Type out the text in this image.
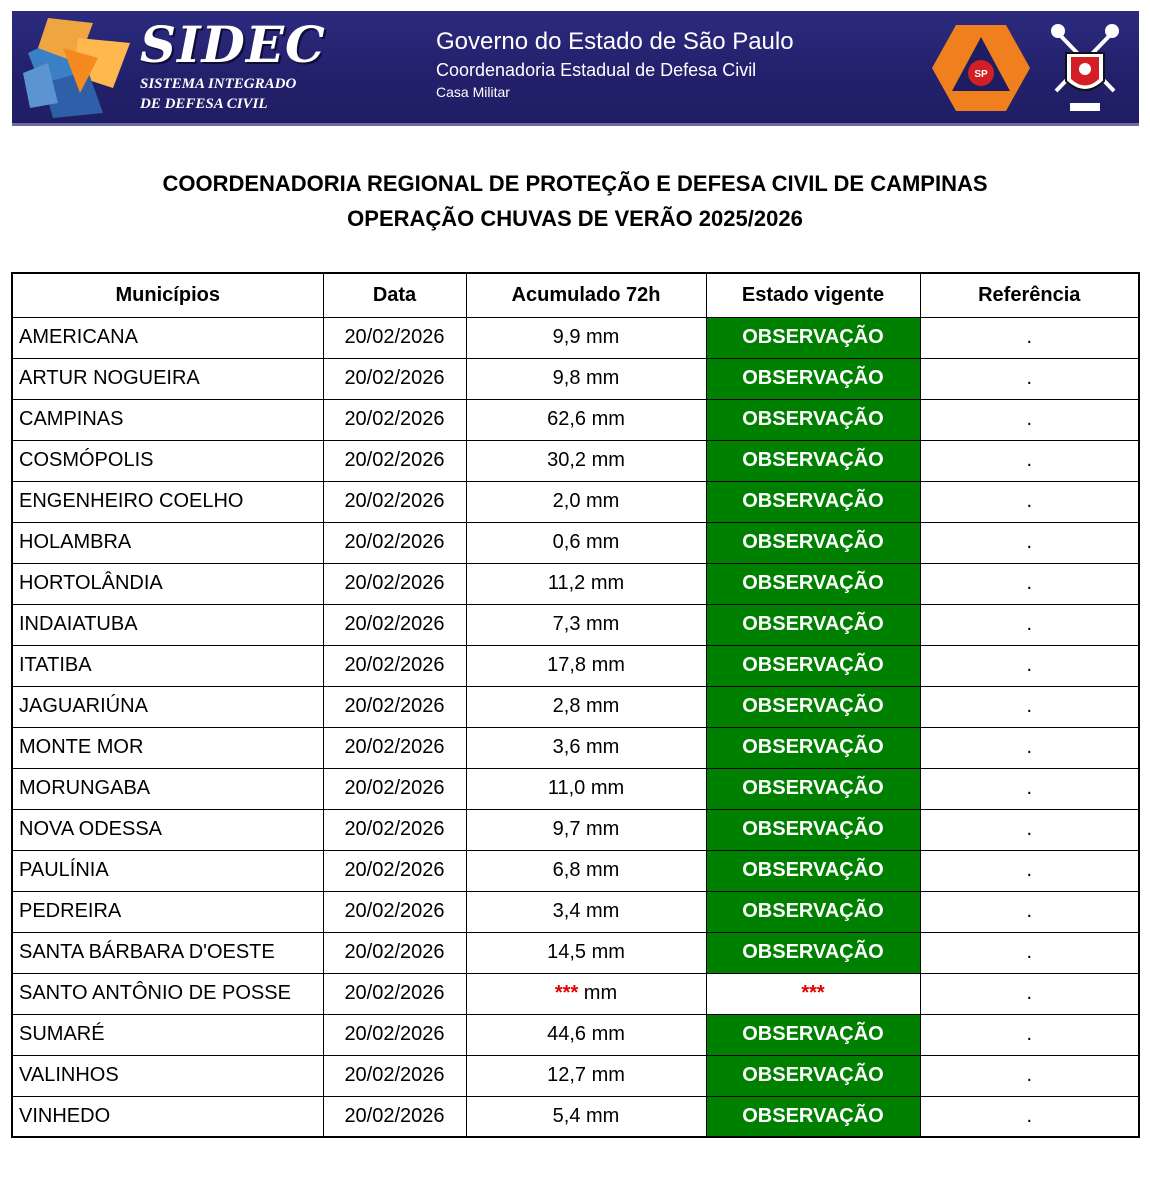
SIDEC

SISTEMA INTEGRADO

DE DEFESA CIVIL

Governo do Estado de São Paulo

Coordenadoria Estadual de Defesa Civil

Casa Militar

SP

COORDENADORIA REGIONAL DE PROTEÇÃO E DEFESA CIVIL DE CAMPINAS

OPERAÇÃO CHUVAS DE VERÃO 2025/2026

Municípios	Data	Acumulado 72h	Estado vigente	Referência
AMERICANA	20/02/2026	9,9 mm	OBSERVAÇÃO	.
ARTUR NOGUEIRA	20/02/2026	9,8 mm	OBSERVAÇÃO	.
CAMPINAS	20/02/2026	62,6 mm	OBSERVAÇÃO	.
COSMÓPOLIS	20/02/2026	30,2 mm	OBSERVAÇÃO	.
ENGENHEIRO COELHO	20/02/2026	2,0 mm	OBSERVAÇÃO	.
HOLAMBRA	20/02/2026	0,6 mm	OBSERVAÇÃO	.
HORTOLÂNDIA	20/02/2026	11,2 mm	OBSERVAÇÃO	.
INDAIATUBA	20/02/2026	7,3 mm	OBSERVAÇÃO	.
ITATIBA	20/02/2026	17,8 mm	OBSERVAÇÃO	.
JAGUARIÚNA	20/02/2026	2,8 mm	OBSERVAÇÃO	.
MONTE MOR	20/02/2026	3,6 mm	OBSERVAÇÃO	.
MORUNGABA	20/02/2026	11,0 mm	OBSERVAÇÃO	.
NOVA ODESSA	20/02/2026	9,7 mm	OBSERVAÇÃO	.
PAULÍNIA	20/02/2026	6,8 mm	OBSERVAÇÃO	.
PEDREIRA	20/02/2026	3,4 mm	OBSERVAÇÃO	.
SANTA BÁRBARA D'OESTE	20/02/2026	14,5 mm	OBSERVAÇÃO	.
SANTO ANTÔNIO DE POSSE	20/02/2026	*** mm	***	.
SUMARÉ	20/02/2026	44,6 mm	OBSERVAÇÃO	.
VALINHOS	20/02/2026	12,7 mm	OBSERVAÇÃO	.
VINHEDO	20/02/2026	5,4 mm	OBSERVAÇÃO	.
